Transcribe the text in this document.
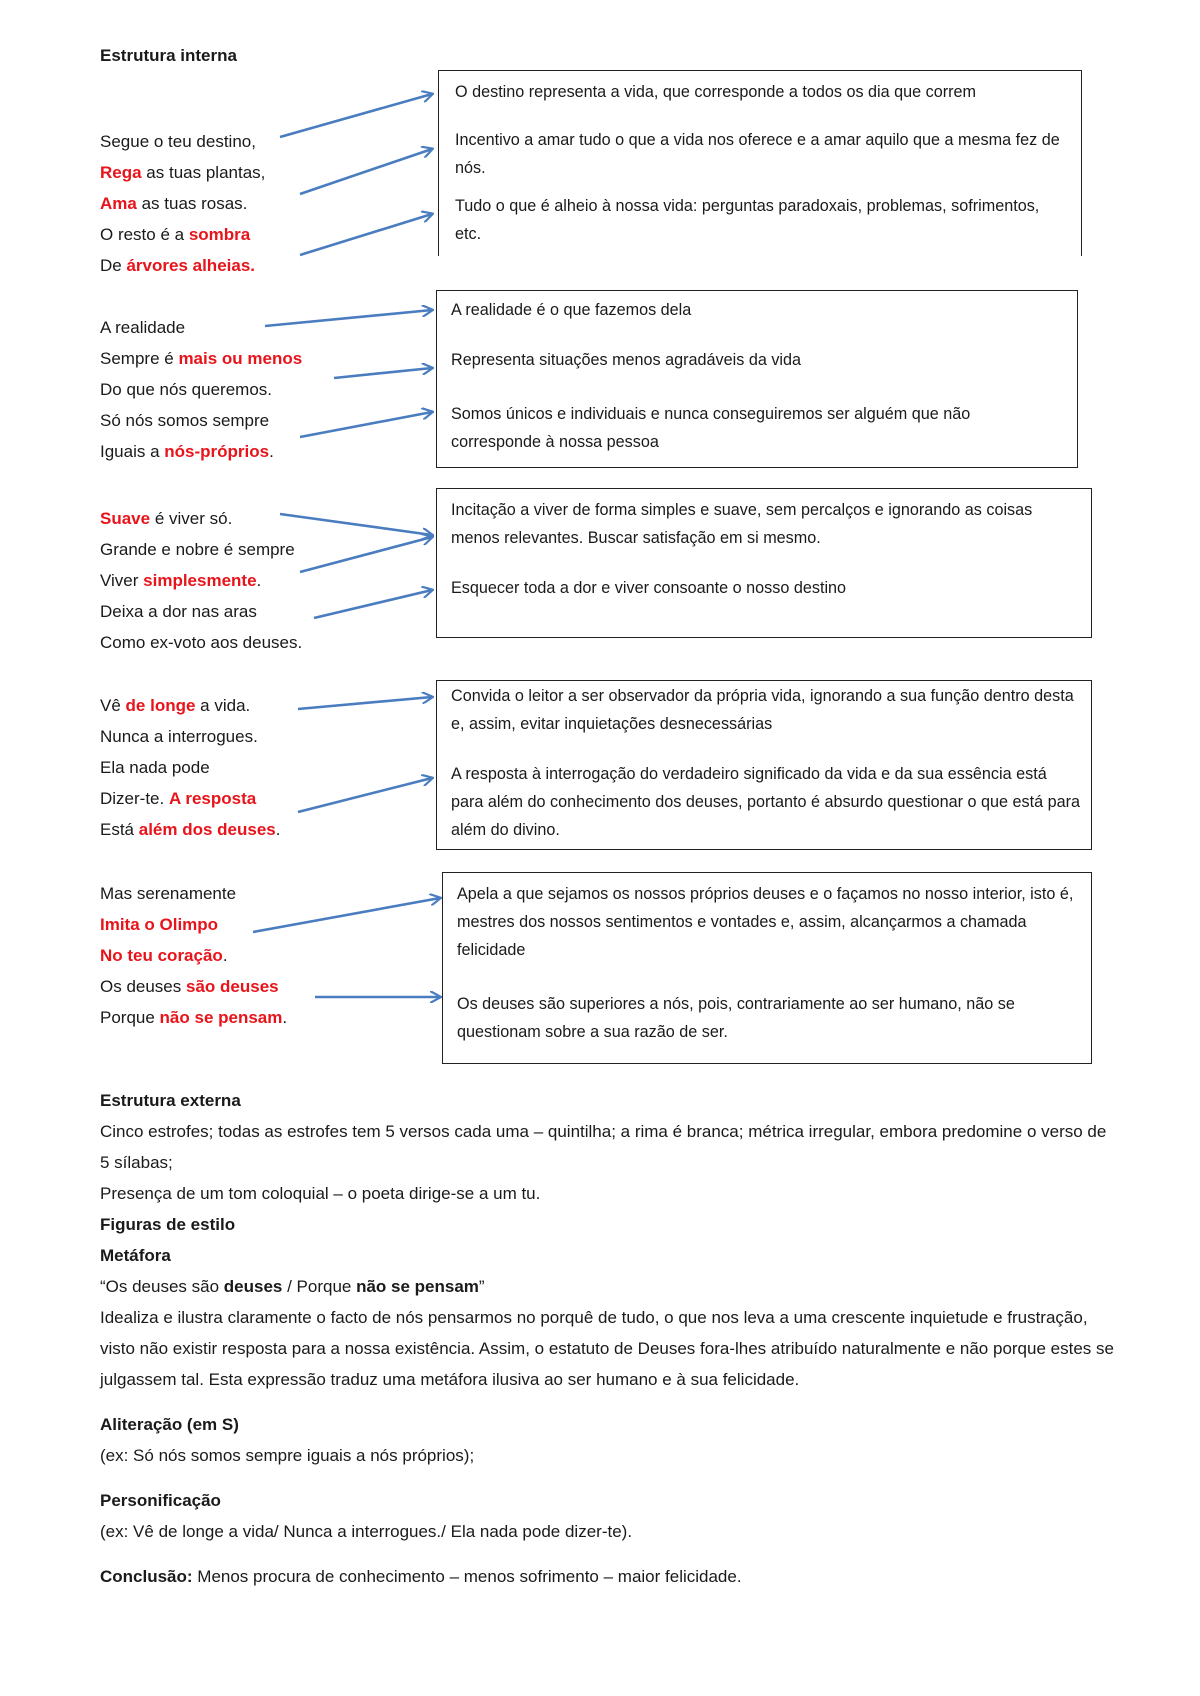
Estrutura interna
Segue o teu destino,
Rega as tuas plantas,
Ama as tuas rosas.
O resto é a sombra
De árvores alheias.
O destino representa a vida, que corresponde a todos os dia que correm
Incentivo a amar tudo o que a vida nos oferece e a amar aquilo que a mesma fez de nós.
Tudo o que é alheio à nossa vida: perguntas paradoxais, problemas, sofrimentos, etc.
A realidade
Sempre é mais ou menos
Do que nós queremos.
Só nós somos sempre
Iguais a nós-próprios.
A realidade é o que fazemos dela
Representa situações menos agradáveis da vida
Somos únicos e individuais e nunca conseguiremos ser alguém que não corresponde à nossa pessoa
Suave é viver só.
Grande e nobre é sempre
Viver simplesmente.
Deixa a dor nas aras
Como ex-voto aos deuses.
Incitação a viver de forma simples e suave, sem percalços e ignorando as coisas menos relevantes. Buscar satisfação em si mesmo.
Esquecer toda a dor e viver consoante o nosso destino
Vê de longe a vida.
Nunca a interrogues.
Ela nada pode
Dizer-te. A resposta
Está além dos deuses.
Convida o leitor a ser observador da própria vida, ignorando a sua função dentro desta e, assim, evitar inquietações desnecessárias
A resposta à interrogação do verdadeiro significado da vida e da sua essência está para além do conhecimento dos deuses, portanto é absurdo questionar o que está para além do divino.
Mas serenamente
Imita o Olimpo
No teu coração.
Os deuses são deuses
Porque não se pensam.
Apela a que sejamos os nossos próprios deuses e o façamos no nosso interior, isto é, mestres dos nossos sentimentos e vontades e, assim, alcançarmos a chamada felicidade
Os deuses são superiores a nós, pois, contrariamente ao ser humano, não se questionam sobre a sua razão de ser.
Estrutura externa
Cinco estrofes; todas as estrofes tem 5 versos cada uma – quintilha; a rima é branca; métrica irregular, embora predomine o verso de 5 sílabas;
Presença de um tom coloquial – o poeta dirige-se a um tu.
Figuras de estilo
Metáfora
“Os deuses são deuses / Porque não se pensam”
Idealiza e ilustra claramente o facto de nós pensarmos no porquê de tudo, o que nos leva a uma crescente inquietude e frustração, visto não existir resposta para a nossa existência. Assim, o estatuto de Deuses fora-lhes atribuído naturalmente e não porque estes se julgassem tal. Esta expressão traduz uma metáfora ilusiva ao ser humano e à sua felicidade.
Aliteração (em S)
(ex: Só nós somos sempre iguais a nós próprios);
Personificação
(ex: Vê de longe a vida/ Nunca a interrogues./ Ela nada pode dizer-te).
Conclusão: Menos procura de conhecimento – menos sofrimento – maior felicidade.
